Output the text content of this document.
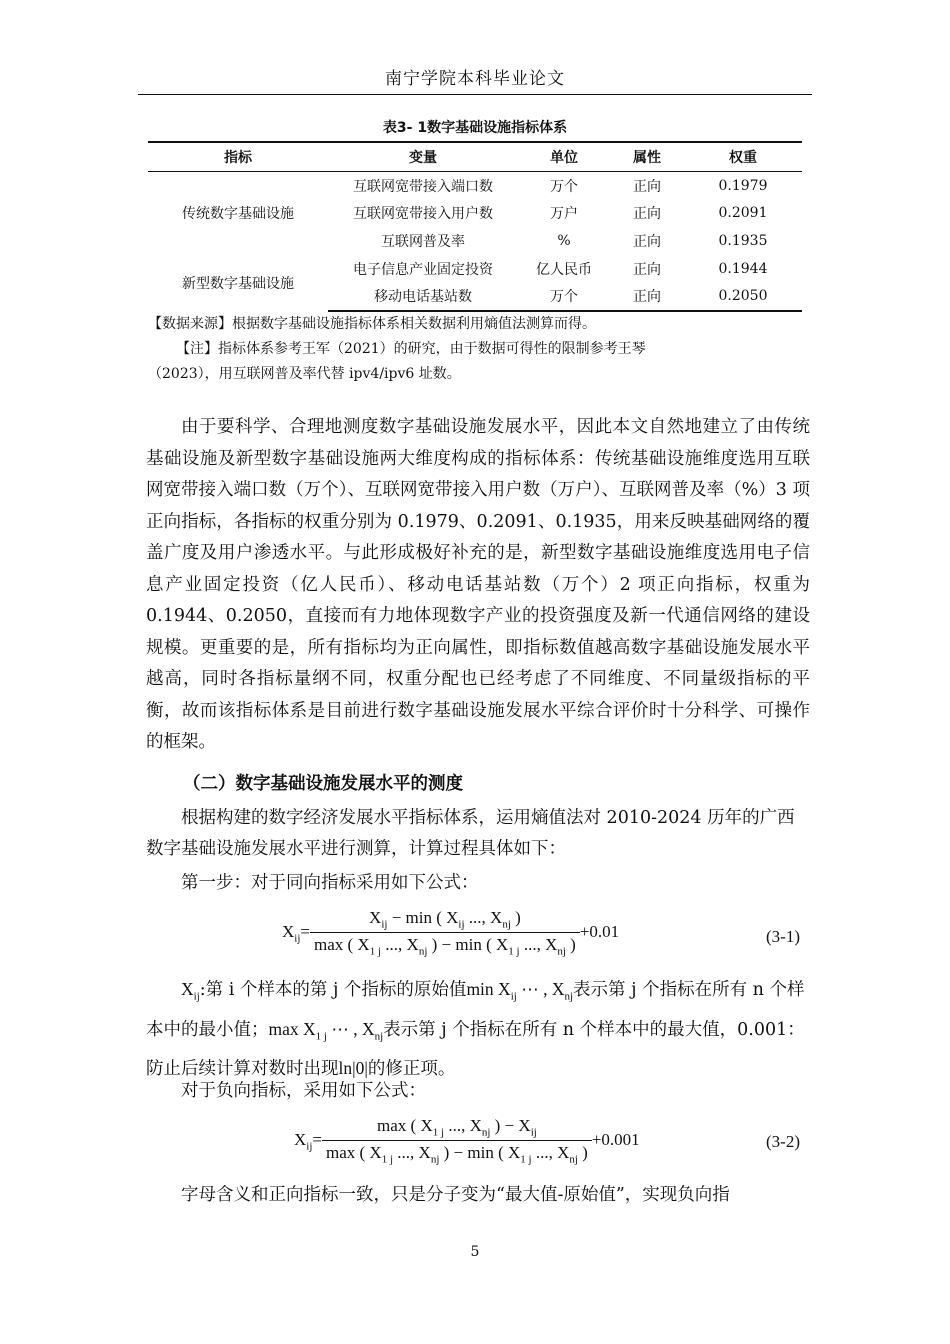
南宁学院本科毕业论文
表3- 1数字基础设施指标体系
指标	变量	单位	属性	权重
传统数字基础设施	互联网宽带接入端口数	万个	正向	0.1979
	互联网宽带接入用户数	万户	正向	0.2091
	互联网普及率	%	正向	0.1935
新型数字基础设施	电子信息产业固定投资	亿人民币	正向	0.1944
	移动电话基站数	万个	正向	0.2050
【数据来源】根据数字基础设施指标体系相关数据利用熵值法测算而得。
【注】指标体系参考王军（2021）的研究，由于数据可得性的限制参考王琴
（2023），用互联网普及率代替 ipv4/ipv6 址数。

由于要科学、合理地测度数字基础设施发展水平，因此本文自然地建立了由传统基础设施及新型数字基础设施两大维度构成的指标体系：传统基础设施维度选用互联网宽带接入端口数（万个）、互联网宽带接入用户数（万户）、互联网普及率（%）3 项正向指标，各指标的权重分别为 0.1979、0.2091、0.1935，用来反映基础网络的覆盖广度及用户渗透水平。与此形成极好补充的是，新型数字基础设施维度选用电子信息产业固定投资（亿人民币）、移动电话基站数（万个）2 项正向指标，权重为 0.1944、0.2050，直接而有力地体现数字产业的投资强度及新一代通信网络的建设规模。更重要的是，所有指标均为正向属性，即指标数值越高数字基础设施发展水平越高，同时各指标量纲不同，权重分配也已经考虑了不同维度、不同量级指标的平衡，故而该指标体系是目前进行数字基础设施发展水平综合评价时十分科学、可操作的框架。

（二）数字基础设施发展水平的测度

根据构建的数字经济发展水平指标体系，运用熵值法对 2010-2024 历年的广西数字基础设施发展水平进行测算，计算过程具体如下：

第一步：对于同向指标采用如下公式：

$X_{ij}= \frac{X_{ij} - \min ( X_{ij} ..., X_{nj} )}{\max ( X_{1 j} ..., X_{nj} ) - \min ( X_{1 j} ..., X_{nj} )} +0.01$	(3-1)

$X_{ij}$:第 i 个样本的第 j 个指标的原始值$\min X_{ij}$ ⋯ , $X_{nj}$表示第 j 个指标在所有 n 个样本中的最小值；$\max X_{1 j}$ ⋯ , $X_{nj}$表示第 j 个指标在所有 n 个样本中的最大值，0.001：防止后续计算对数时出现ln|0|的修正项。

对于负向指标，采用如下公式：

$X_{ij}= \frac{\max ( X_{1 j} ..., X_{nj} ) - X_{ij}}{\max ( X_{1 j} ..., X_{nj} ) - \min ( X_{1 j} ..., X_{nj} )} +0.001$	(3-2)

字母含义和正向指标一致，只是分子变为“最大值-原始值”，实现负向指

5
